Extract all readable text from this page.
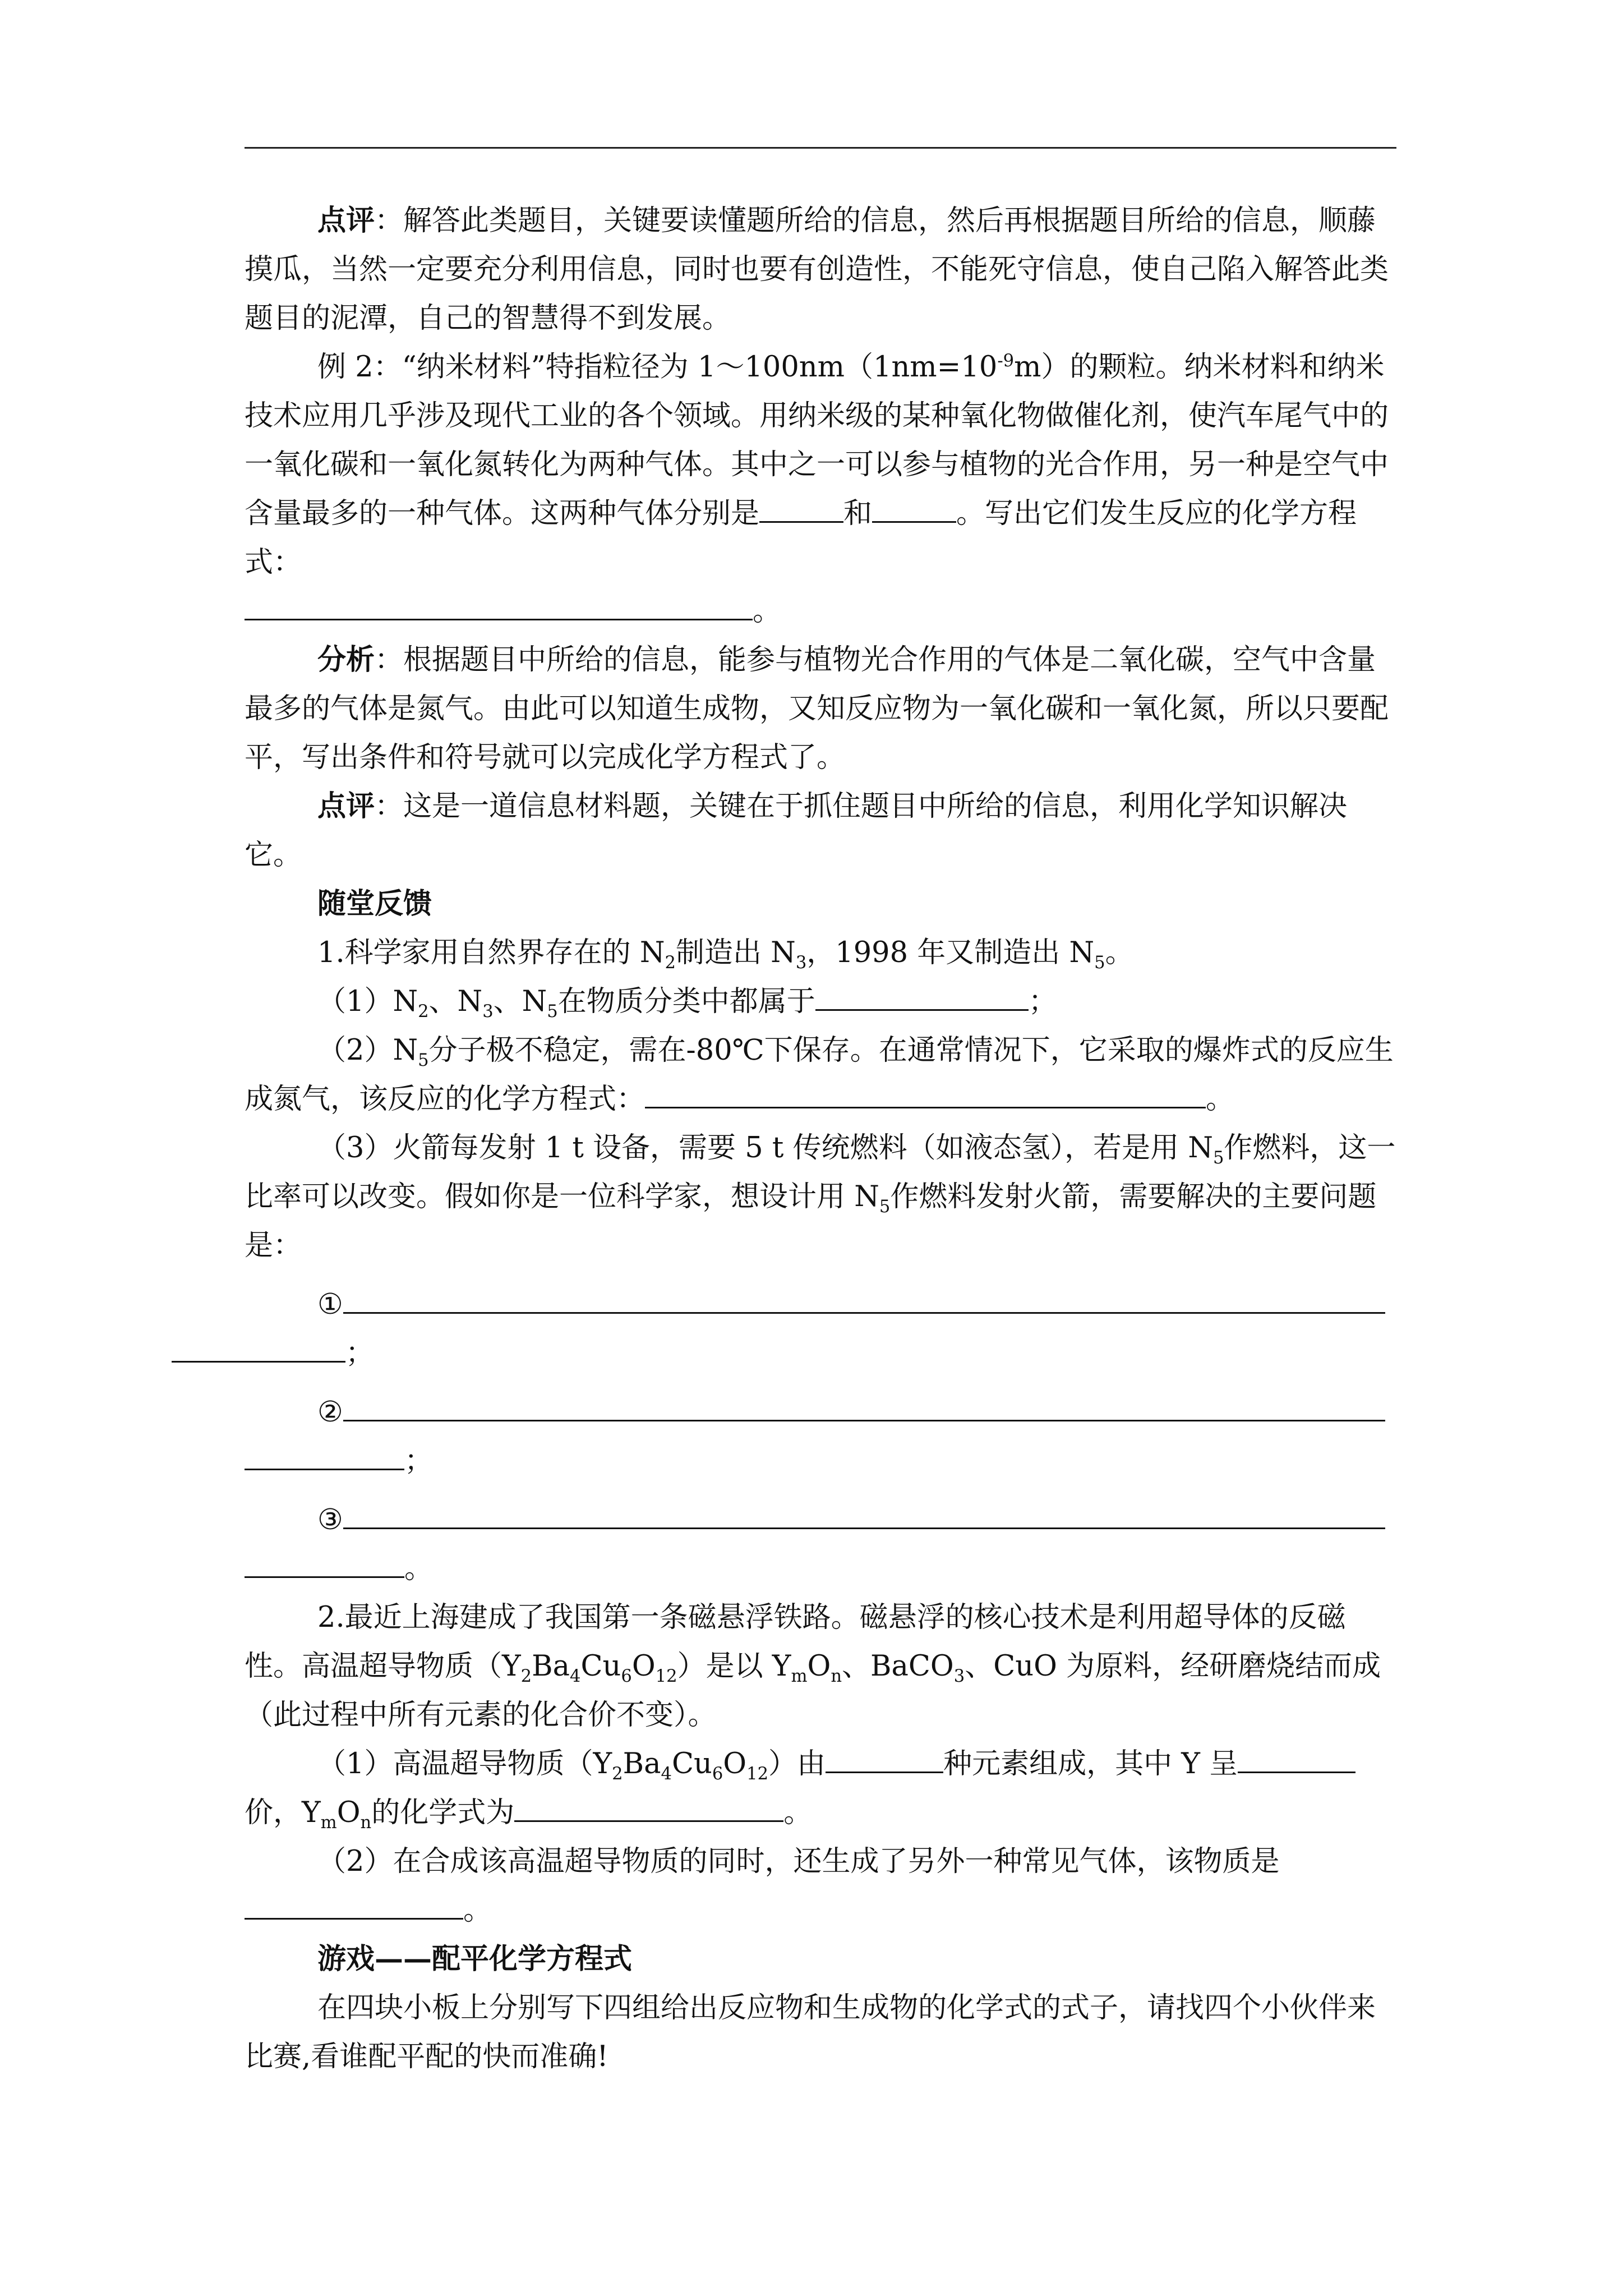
点评：解答此类题目，关键要读懂题所给的信息，然后再根据题目所给的信息，顺藤摸瓜，当然一定要充分利用信息，同时也要有创造性，不能死守信息，使自己陷入解答此类题目的泥潭，自己的智慧得不到发展。

例 2：“纳米材料”特指粒径为 $1\sim 100nm(1nm=10^{-9}m)$的颗粒。纳米材料和纳米技术应用几乎涉及现代工业的各个领域。用纳米级的某种氧化物做催化剂，使汽车尾气中的一氧化碳和一氧化氮转化为两种气体。其中之一可以参与植物的光合作用，另一种是空气中含量最多的一种气体。这两种气体分别是	和	。写出它们发生反应的化学方程式：
。

分析：根据题目中所给的信息，能参与植物光合作用的气体是二氧化碳，空气中含量最多的气体是氮气。由此可以知道生成物，又知反应物为一氧化碳和一氧化氮，所以只要配平，写出条件和符号就可以完成化学方程式了。

点评：这是一道信息材料题，关键在于抓住题目中所给的信息，利用化学知识解决它。

随堂反馈

1.科学家用自然界存在的 $N_2$制造出 $N_3$，1998 年又制造出 $N_5$。

$(1)N_2$、$N_3$、$N_5$在物质分类中都属于	；

$(2)N_5$分子极不稳定，需在-80℃下保存。在通常情况下，它采取的爆炸式的反应生成氮气，该反应的化学方程式：	。

（3）火箭每发射 1 t 设备，需要 5 t 传统燃料（如液态氢），若是用 $N_5$作燃料，这一比率可以改变。假如你是一位科学家，想设计用 $N_5$作燃料发射火箭，需要解决的主要问题是：

①
；

②
；

③
。

2.最近上海建成了我国第一条磁悬浮铁路。磁悬浮的核心技术是利用超导体的反磁性。高温超导物质$(Y_2Ba_4Cu_6O_{12})$是以 $Y_mO_n$、BaCO$_3$、CuO 为原料，经研磨烧结而成（此过程中所有元素的化合价不变）。

（1）高温超导物质$(Y_2Ba_4Cu_6O_{12})$由	种元素组成，其中 Y 呈价，$Y_mO_n$的化学式为	。

（2）在合成该高温超导物质的同时，还生成了另外一种常见气体，该物质是。

游戏——配平化学方程式

在四块小板上分别写下四组给出反应物和生成物的化学式的式子，请找四个小伙伴来比赛,看谁配平配的快而准确!
